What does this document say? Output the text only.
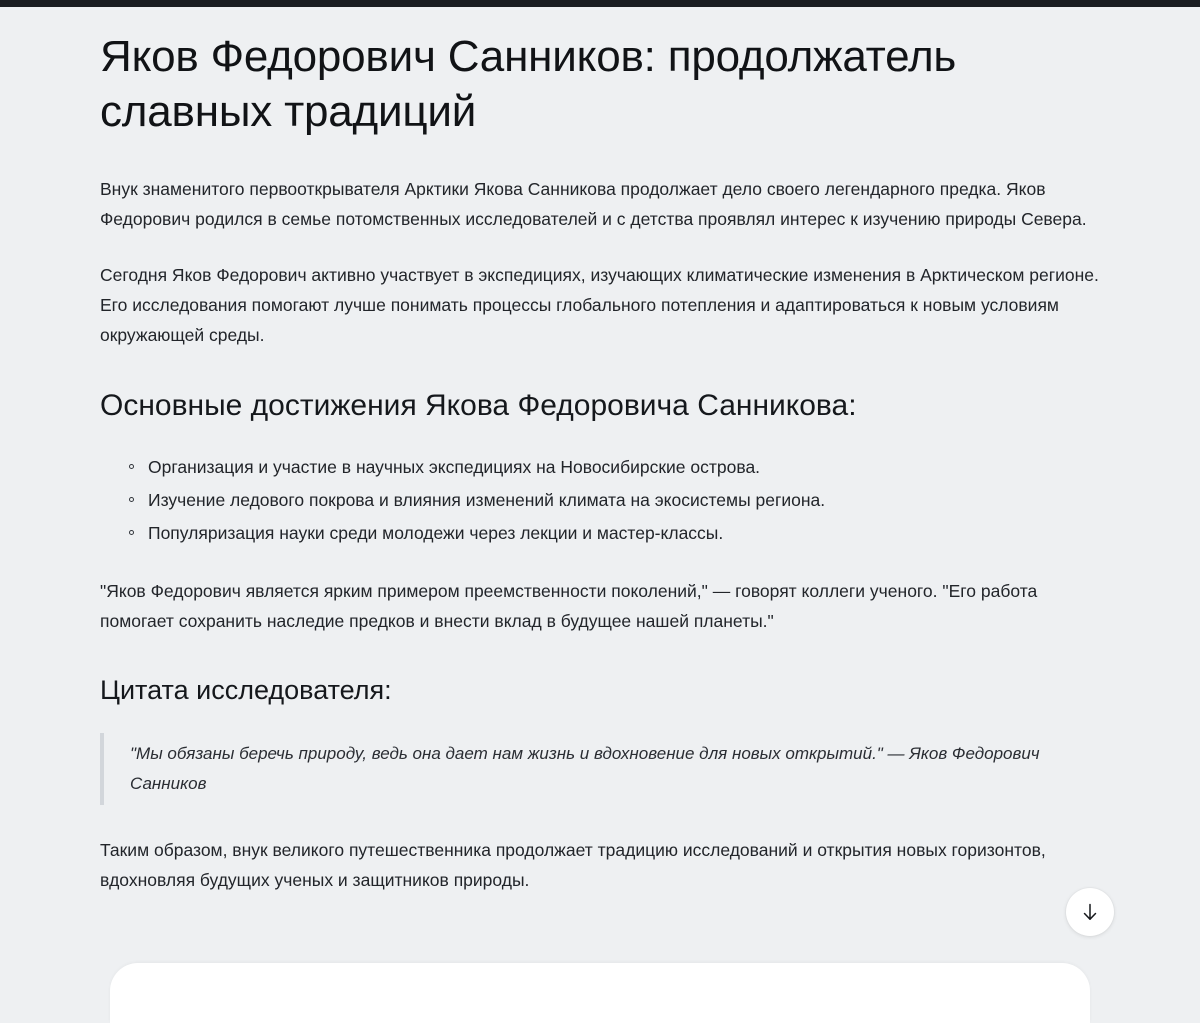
Яков Федорович Санников: продолжатель славных традиций

Внук знаменитого первооткрывателя Арктики Якова Санникова продолжает дело своего легендарного предка. Яков Федорович родился в семье потомственных исследователей и с детства проявлял интерес к изучению природы Севера.

Сегодня Яков Федорович активно участвует в экспедициях, изучающих климатические изменения в Арктическом регионе. Его исследования помогают лучше понимать процессы глобального потепления и адаптироваться к новым условиям окружающей среды.

Основные достижения Якова Федоровича Санникова:
Организация и участие в научных экспедициях на Новосибирские острова.
Изучение ледового покрова и влияния изменений климата на экосистемы региона.
Популяризация науки среди молодежи через лекции и мастер-классы.

"Яков Федорович является ярким примером преемственности поколений," — говорят коллеги ученого. "Его работа помогает сохранить наследие предков и внести вклад в будущее нашей планеты."

Цитата исследователя:
"Мы обязаны беречь природу, ведь она дает нам жизнь и вдохновение для новых открытий." — Яков Федорович Санников

Таким образом, внук великого путешественника продолжает традицию исследований и открытия новых горизонтов, вдохновляя будущих ученых и защитников природы.
